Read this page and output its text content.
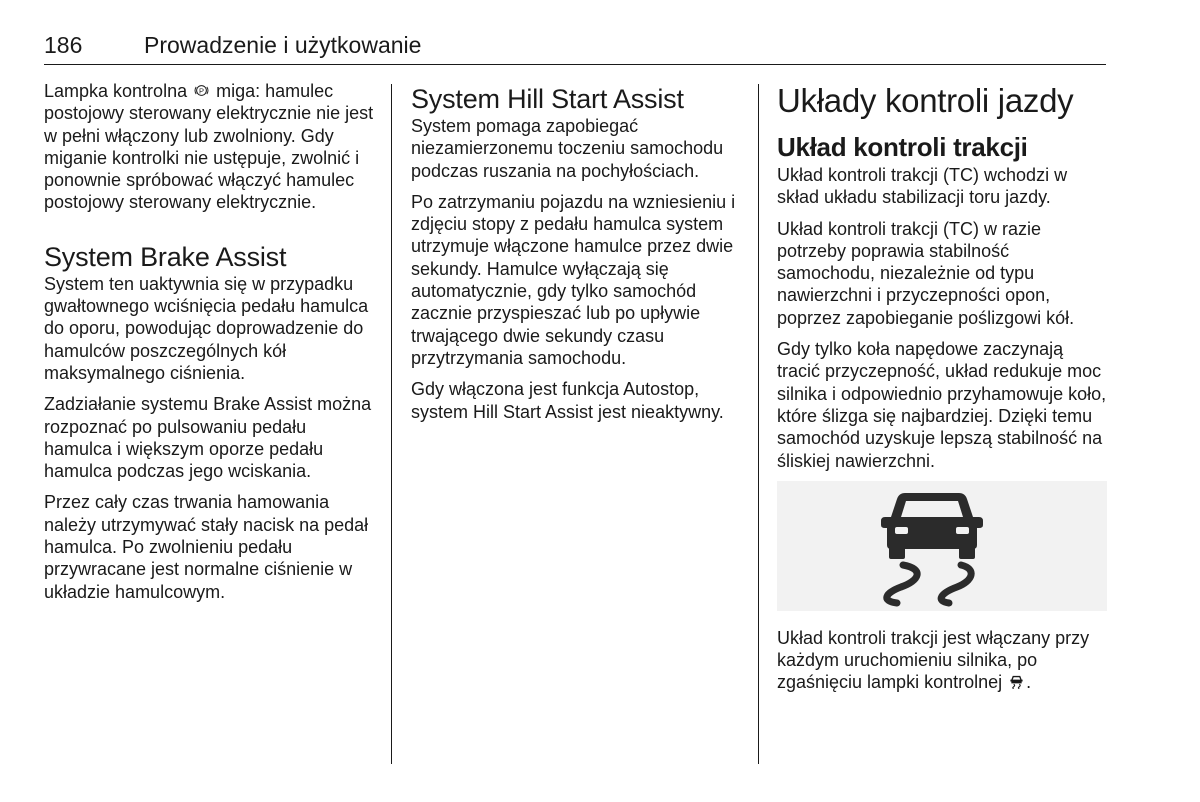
186	Prowadzenie i użytkowanie

Lampka kontrolna P miga: hamulec postojowy sterowany elektrycznie nie jest w pełni włączony lub zwolniony. Gdy miganie kontrolki nie ustępuje, zwolnić i ponownie spróbować włączyć hamulec postojowy sterowany elektrycznie.

System Brake Assist

System ten uaktywnia się w przypadku gwałtownego wciśnięcia pedału hamulca do oporu, powodując doprowadzenie do hamulców poszczególnych kół maksymalnego ciśnienia.

Zadziałanie systemu Brake Assist można rozpoznać po pulsowaniu pedału hamulca i większym oporze pedału hamulca podczas jego wciskania.

Przez cały czas trwania hamowania należy utrzymywać stały nacisk na pedał hamulca. Po zwolnieniu pedału przywracane jest normalne ciśnienie w układzie hamulcowym.

System Hill Start Assist

System pomaga zapobiegać niezamierzonemu toczeniu samochodu podczas ruszania na pochyłościach.

Po zatrzymaniu pojazdu na wzniesieniu i zdjęciu stopy z pedału hamulca system utrzymuje włączone hamulce przez dwie sekundy. Hamulce wyłączają się automatycznie, gdy tylko samochód zacznie przyspieszać lub po upływie trwającego dwie sekundy czasu przytrzymania samochodu.

Gdy włączona jest funkcja Autostop, system Hill Start Assist jest nieaktywny.

Układy kontroli jazdy
Układ kontroli trakcji

Układ kontroli trakcji (TC) wchodzi w skład układu stabilizacji toru jazdy.

Układ kontroli trakcji (TC) w razie potrzeby poprawia stabilność samochodu, niezależnie od typu nawierzchni i przyczepności opon, poprzez zapobieganie poślizgowi kół.

Gdy tylko koła napędowe zaczynają tracić przyczepność, układ redukuje moc silnika i odpowiednio przyhamowuje koło, które ślizga się najbardziej. Dzięki temu samochód uzyskuje lepszą stabilność na śliskiej nawierzchni.

Układ kontroli trakcji jest włączany przy każdym uruchomieniu silnika, po zgaśnięciu lampki kontrolnej .
